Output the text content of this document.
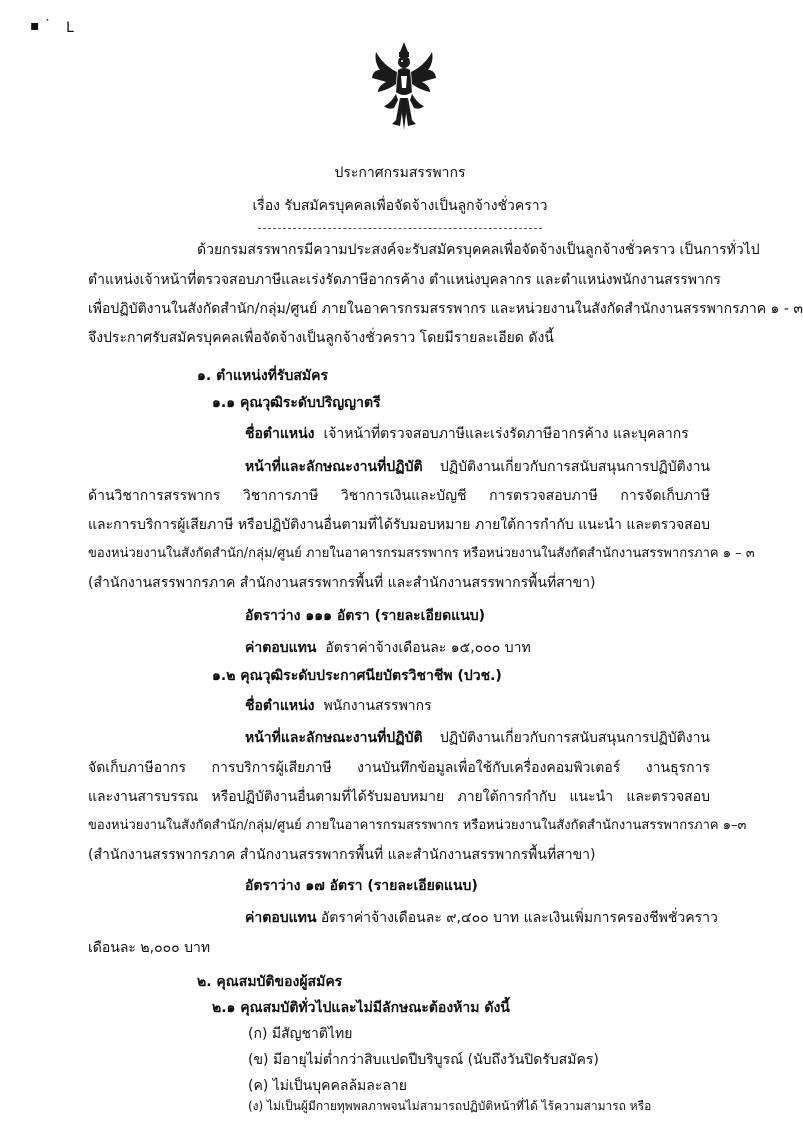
▪ ˙ ᒪ
ประกาศกรมสรรพากร
เรื่อง รับสมัครบุคคลเพื่อจัดจ้างเป็นลูกจ้างชั่วคราว
ด้วยกรมสรรพากรมีความประสงค์จะรับสมัครบุคคลเพื่อจัดจ้างเป็นลูกจ้างชั่วคราว เป็นการทั่วไป
ตำแหน่งเจ้าหน้าที่ตรวจสอบภาษีและเร่งรัดภาษีอากรค้าง ตำแหน่งบุคลากร และตำแหน่งพนักงานสรรพากร
เพื่อปฏิบัติงานในสังกัดสำนัก/กลุ่ม/ศูนย์ ภายในอาคารกรมสรรพากร และหน่วยงานในสังกัดสำนักงานสรรพากรภาค ๑ - ๓
จึงประกาศรับสมัครบุคคลเพื่อจัดจ้างเป็นลูกจ้างชั่วคราว โดยมีรายละเอียด ดังนี้
๑. ตำแหน่งที่รับสมัคร
๑.๑ คุณวุฒิระดับปริญญาตรี
ชื่อตำแหน่ง เจ้าหน้าที่ตรวจสอบภาษีและเร่งรัดภาษีอากรค้าง และบุคลากร
หน้าที่และลักษณะงานที่ปฏิบัติ ปฏิบัติงานเกี่ยวกับการสนับสนุนการปฏิบัติงาน
ด้านวิชาการสรรพากร วิชาการภาษี วิชาการเงินและบัญชี การตรวจสอบภาษี การจัดเก็บภาษี
และการบริการผู้เสียภาษี หรือปฏิบัติงานอื่นตามที่ได้รับมอบหมาย ภายใต้การกำกับ แนะนำ และตรวจสอบ
ของหน่วยงานในสังกัดสำนัก/กลุ่ม/ศูนย์ ภายในอาคารกรมสรรพากร หรือหน่วยงานในสังกัดสำนักงานสรรพากรภาค ๑ – ๓
(สำนักงานสรรพากรภาค สำนักงานสรรพากรพื้นที่ และสำนักงานสรรพากรพื้นที่สาขา)
อัตราว่าง ๑๑๑ อัตรา (รายละเอียดแนบ)
ค่าตอบแทน อัตราค่าจ้างเดือนละ ๑๕,๐๐๐ บาท
๑.๒ คุณวุฒิระดับประกาศนียบัตรวิชาชีพ (ปวช.)
ชื่อตำแหน่ง พนักงานสรรพากร
หน้าที่และลักษณะงานที่ปฏิบัติ ปฏิบัติงานเกี่ยวกับการสนับสนุนการปฏิบัติงาน
จัดเก็บภาษีอากร การบริการผู้เสียภาษี งานบันทึกข้อมูลเพื่อใช้กับเครื่องคอมพิวเตอร์ งานธุรการ
และงานสารบรรณ หรือปฏิบัติงานอื่นตามที่ได้รับมอบหมาย ภายใต้การกำกับ แนะนำ และตรวจสอบ
ของหน่วยงานในสังกัดสำนัก/กลุ่ม/ศูนย์ ภายในอาคารกรมสรรพากร หรือหน่วยงานในสังกัดสำนักงานสรรพากรภาค ๑–๓
(สำนักงานสรรพากรภาค สำนักงานสรรพากรพื้นที่ และสำนักงานสรรพากรพื้นที่สาขา)
อัตราว่าง ๑๗ อัตรา (รายละเอียดแนบ)
ค่าตอบแทน อัตราค่าจ้างเดือนละ ๙,๔๐๐ บาท และเงินเพิ่มการครองชีพชั่วคราว
เดือนละ ๒,๐๐๐ บาท
๒. คุณสมบัติของผู้สมัคร
๒.๑ คุณสมบัติทั่วไปและไม่มีลักษณะต้องห้าม ดังนี้
(ก) มีสัญชาติไทย
(ข) มีอายุไม่ต่ำกว่าสิบแปดปีบริบูรณ์ (นับถึงวันปิดรับสมัคร)
(ค) ไม่เป็นบุคคลล้มละลาย
(ง) ไม่เป็นผู้มีกายทุพพลภาพจนไม่สามารถปฏิบัติหน้าที่ได้ ไร้ความสามารถ หรือ
